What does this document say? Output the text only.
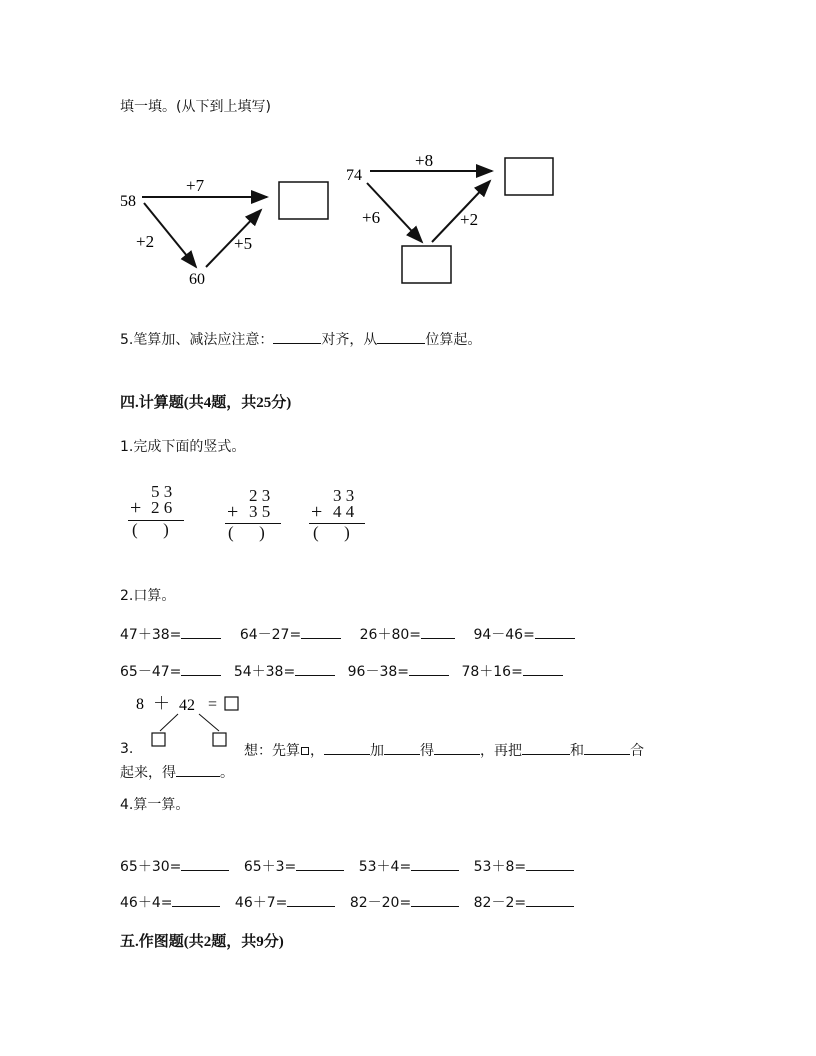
填一填。(从下到上填写)
58
+7
+2
60
+5
74
+8
+6	+2
5.笔算加、减法应注意：	对齐，从	位算起。
四.计算题(共4题，共25分)
1.完成下面的竖式。
5 3
+ 2 6
(      )
2 3
+ 3 5
(      )
3 3
+ 4 4
(      )
2.口算。
47＋38=	64－27=	26＋80=	94－46=
65－47=	54＋38=	96－38=	78＋16=
8 ＋ 42 =
3.	想：先算 ，	加	得	，再把	和	合
起来，得	。
4.算一算。
65＋30=	65＋3=	53＋4=	53＋8=
46＋4=	46＋7=	82－20=	82－2=
五.作图题(共2题，共9分)
